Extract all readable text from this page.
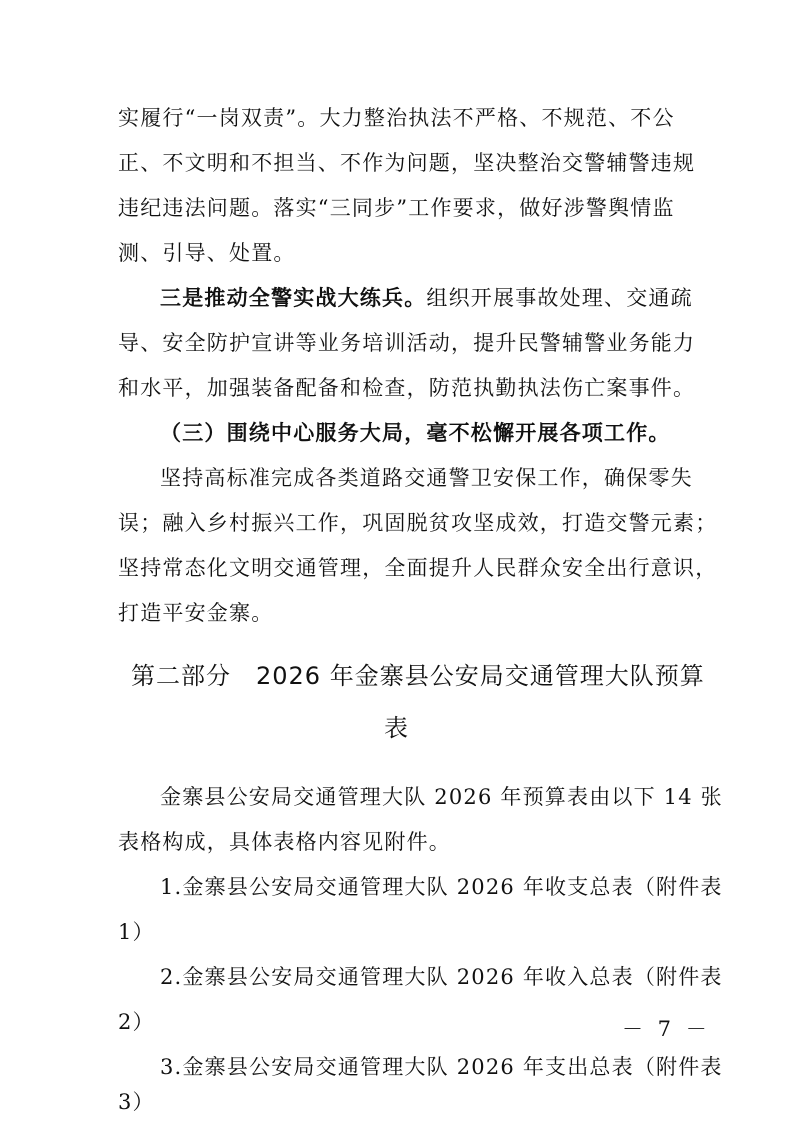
实履行“一岗双责”。大力整治执法不严格、不规范、不公
正、不文明和不担当、不作为问题，坚决整治交警辅警违规
违纪违法问题。落实“三同步”工作要求，做好涉警舆情监
测、引导、处置。
三是推动全警实战大练兵。组织开展事故处理、交通疏
导、安全防护宣讲等业务培训活动，提升民警辅警业务能力
和水平，加强装备配备和检查，防范执勤执法伤亡案事件。
（三）围绕中心服务大局，毫不松懈开展各项工作。
坚持高标准完成各类道路交通警卫安保工作，确保零失
误；融入乡村振兴工作，巩固脱贫攻坚成效，打造交警元素；
坚持常态化文明交通管理，全面提升人民群众安全出行意识，
打造平安金寨。
第二部分　2026 年金寨县公安局交通管理大队预算
表
金寨县公安局交通管理大队 2026 年预算表由以下 14 张
表格构成，具体表格内容见附件。
1.金寨县公安局交通管理大队 2026 年收支总表（附件表
1）
2.金寨县公安局交通管理大队 2026 年收入总表（附件表
2）
3.金寨县公安局交通管理大队 2026 年支出总表（附件表
3）
－ 7 －
